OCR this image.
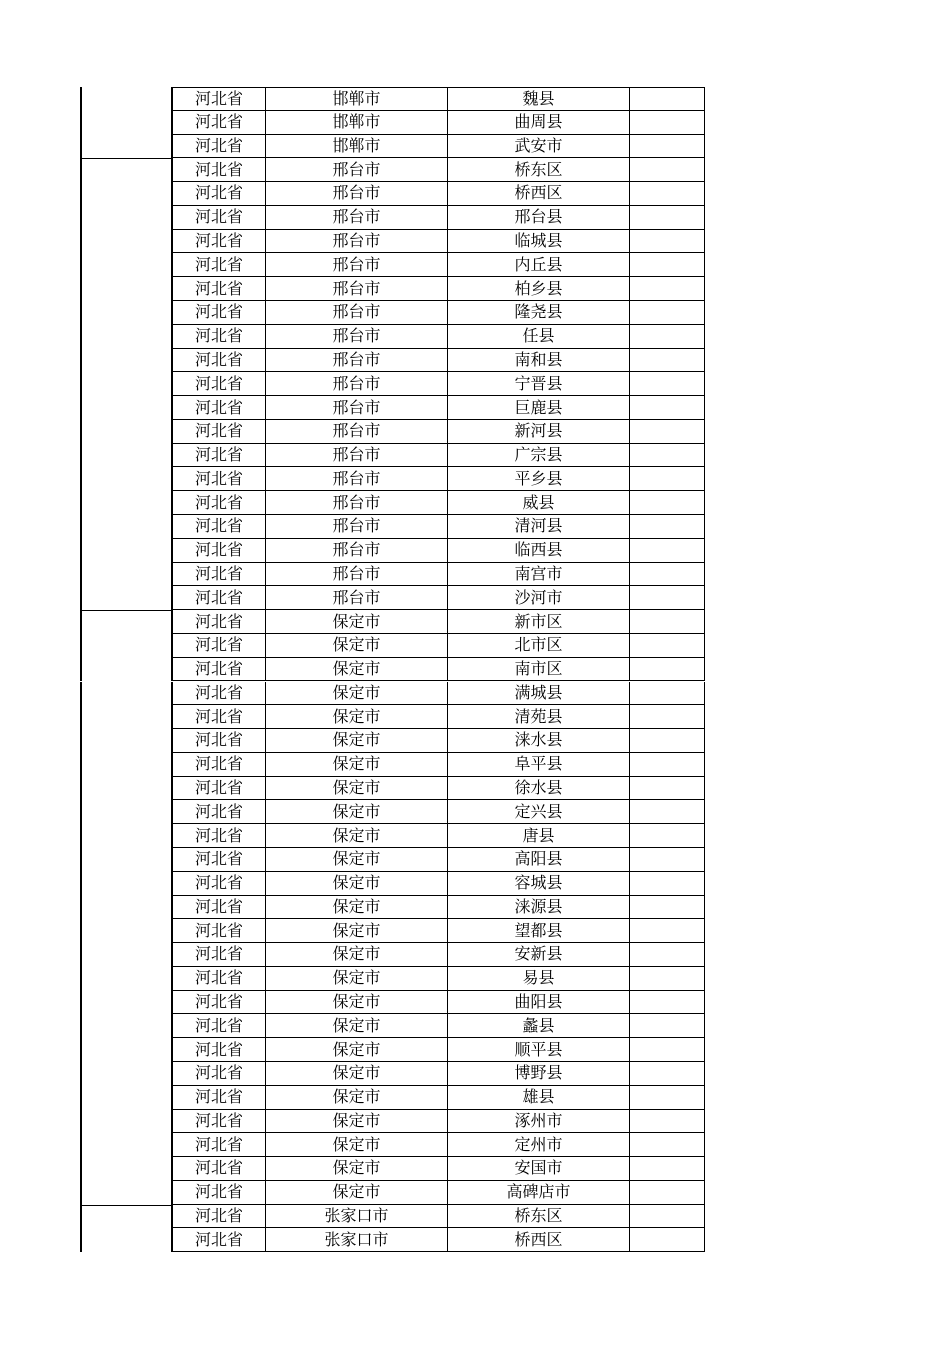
河北省	邯郸市	魏县
河北省	邯郸市	曲周县
河北省	邯郸市	武安市
河北省	邢台市	桥东区
河北省	邢台市	桥西区
河北省	邢台市	邢台县
河北省	邢台市	临城县
河北省	邢台市	内丘县
河北省	邢台市	柏乡县
河北省	邢台市	隆尧县
河北省	邢台市	任县
河北省	邢台市	南和县
河北省	邢台市	宁晋县
河北省	邢台市	巨鹿县
河北省	邢台市	新河县
河北省	邢台市	广宗县
河北省	邢台市	平乡县
河北省	邢台市	威县
河北省	邢台市	清河县
河北省	邢台市	临西县
河北省	邢台市	南宫市
河北省	邢台市	沙河市
河北省	保定市	新市区
河北省	保定市	北市区
河北省	保定市	南市区
河北省	保定市	满城县
河北省	保定市	清苑县
河北省	保定市	涞水县
河北省	保定市	阜平县
河北省	保定市	徐水县
河北省	保定市	定兴县
河北省	保定市	唐县
河北省	保定市	高阳县
河北省	保定市	容城县
河北省	保定市	涞源县
河北省	保定市	望都县
河北省	保定市	安新县
河北省	保定市	易县
河北省	保定市	曲阳县
河北省	保定市	蠡县
河北省	保定市	顺平县
河北省	保定市	博野县
河北省	保定市	雄县
河北省	保定市	涿州市
河北省	保定市	定州市
河北省	保定市	安国市
河北省	保定市	高碑店市
河北省	张家口市	桥东区
河北省	张家口市	桥西区
